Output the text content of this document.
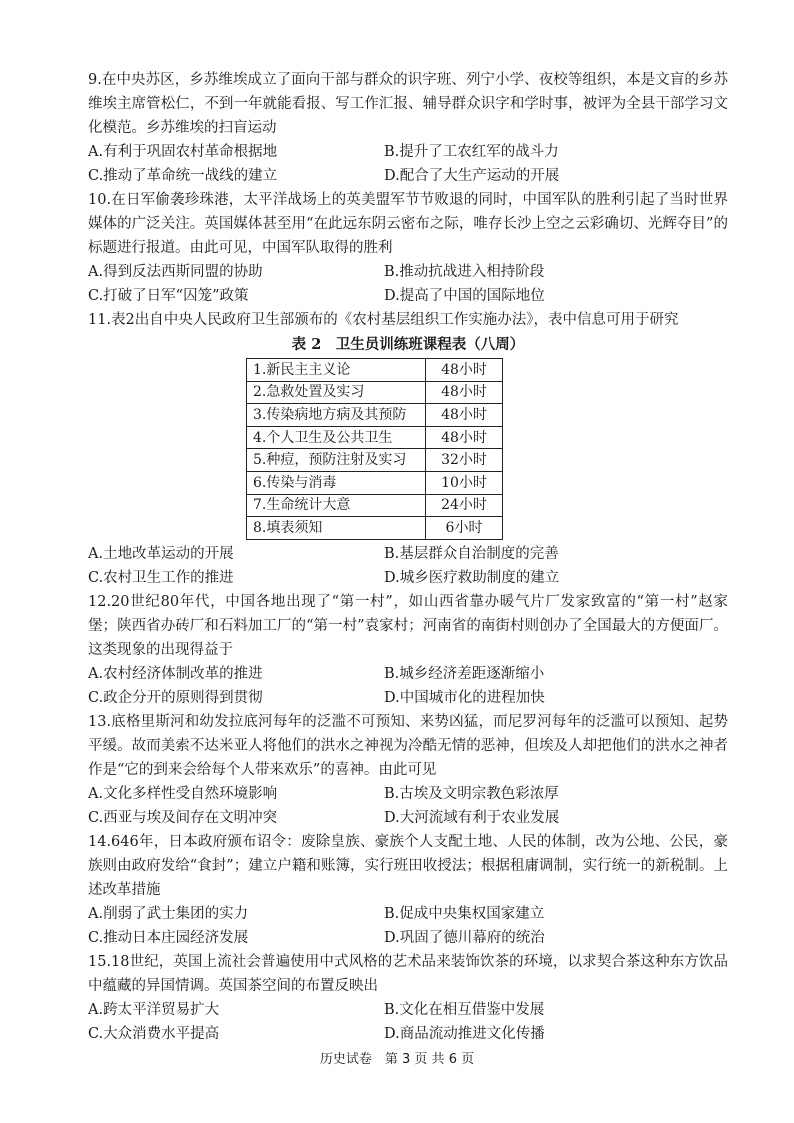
9.在中央苏区，乡苏维埃成立了面向干部与群众的识字班、列宁小学、夜校等组织，本是文盲的乡苏维埃主席管松仁，不到一年就能看报、写工作汇报、辅导群众识字和学时事，被评为全县干部学习文化模范。乡苏维埃的扫盲运动

A.有利于巩固农村革命根据地	B.提升了工农红军的战斗力
C.推动了革命统一战线的建立	D.配合了大生产运动的开展

10.在日军偷袭珍珠港，太平洋战场上的英美盟军节节败退的同时，中国军队的胜利引起了当时世界媒体的广泛关注。英国媒体甚至用“在此远东阴云密布之际，唯存长沙上空之云彩确切、光辉夺目”的标题进行报道。由此可见，中国军队取得的胜利

A.得到反法西斯同盟的协助	B.推动抗战进入相持阶段
C.打破了日军“囚笼”政策	D.提高了中国的国际地位

11.表2出自中央人民政府卫生部颁布的《农村基层组织工作实施办法》，表中信息可用于研究

表 2　卫生员训练班课程表（八周）
1.新民主主义论	48小时
2.急救处置及实习	48小时
3.传染病地方病及其预防	48小时
4.个人卫生及公共卫生	48小时
5.种痘，预防注射及实习	32小时
6.传染与消毒	10小时
7.生命统计大意	24小时
8.填表须知	6小时
A.土地改革运动的开展	B.基层群众自治制度的完善
C.农村卫生工作的推进	D.城乡医疗救助制度的建立

12.20世纪80年代，中国各地出现了“第一村”，如山西省靠办暖气片厂发家致富的“第一村”赵家堡；陕西省办砖厂和石料加工厂的“第一村”袁家村；河南省的南街村则创办了全国最大的方便面厂。这类现象的出现得益于

A.农村经济体制改革的推进	B.城乡经济差距逐渐缩小
C.政企分开的原则得到贯彻	D.中国城市化的进程加快

13.底格里斯河和幼发拉底河每年的泛滥不可预知、来势凶猛，而尼罗河每年的泛滥可以预知、起势平缓。故而美索不达米亚人将他们的洪水之神视为冷酷无情的恶神，但埃及人却把他们的洪水之神者作是“它的到来会给每个人带来欢乐”的喜神。由此可见

A.文化多样性受自然环境影响	B.古埃及文明宗教色彩浓厚
C.西亚与埃及间存在文明冲突	D.大河流域有利于农业发展

14.646年，日本政府颁布诏令：废除皇族、豪族个人支配土地、人民的体制，改为公地、公民，豪族则由政府发给“食封”；建立户籍和账簿，实行班田收授法；根据租庸调制，实行统一的新税制。上述改革措施

A.削弱了武士集团的实力	B.促成中央集权国家建立
C.推动日本庄园经济发展	D.巩固了德川幕府的统治

15.18世纪，英国上流社会普遍使用中式风格的艺术品来装饰饮茶的环境，以求契合茶这种东方饮品中蕴藏的异国情调。英国茶空间的布置反映出

A.跨太平洋贸易扩大	B.文化在相互借鉴中发展
C.大众消费水平提高	D.商品流动推进文化传播
历史试卷　第 3 页 共 6 页
